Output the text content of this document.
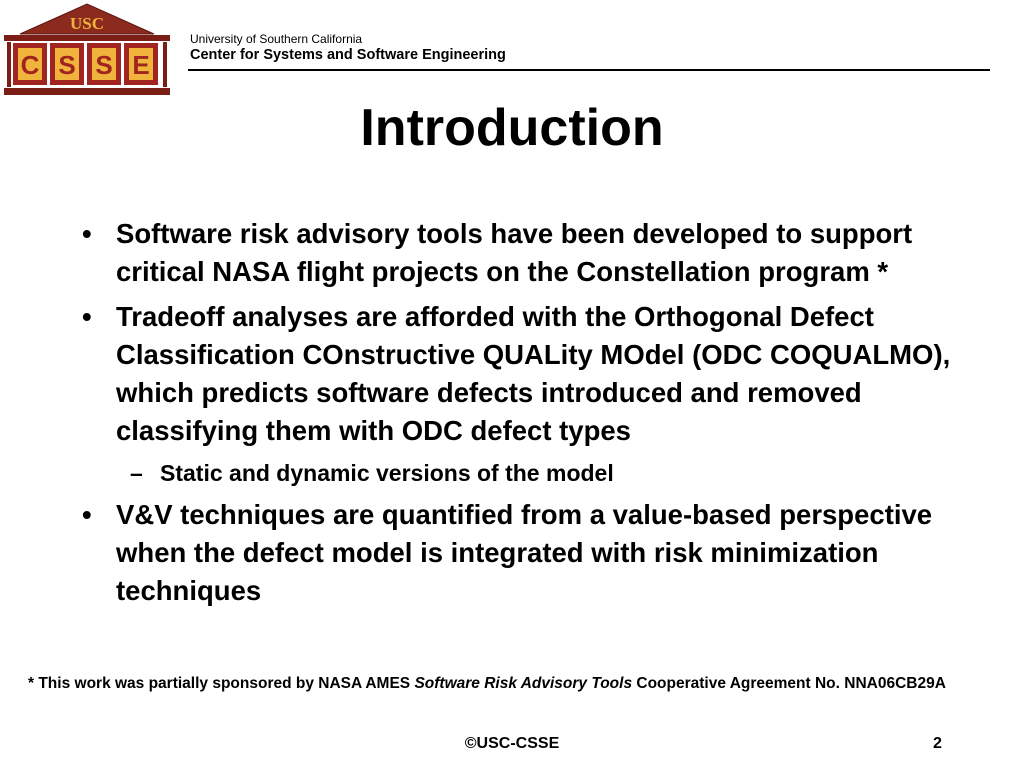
USC
C S S E
University of Southern California
Center for Systems and Software Engineering
Introduction
• Software risk advisory tools have been developed to support critical NASA flight projects on the Constellation program *
• Tradeoff analyses are afforded with the Orthogonal Defect Classification COnstructive QUALity MOdel (ODC COQUALMO), which predicts software defects introduced and removed classifying them with ODC defect types
– Static and dynamic versions of the model
• V&V techniques are quantified from a value-based perspective when the defect model is integrated with risk minimization techniques
* This work was partially sponsored by NASA AMES Software Risk Advisory Tools Cooperative Agreement No. NNA06CB29A
©USC-CSSE	2
